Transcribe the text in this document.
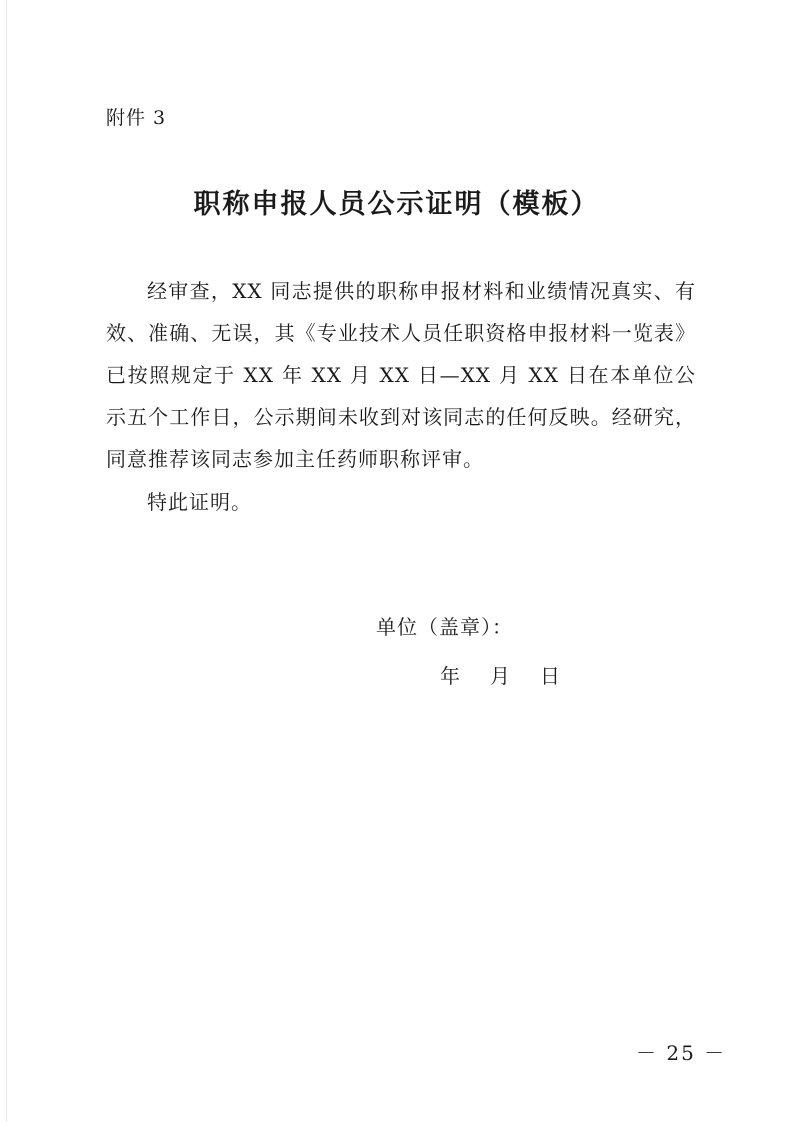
附件 3
职称申报人员公示证明（模板）

经审查，XX 同志提供的职称申报材料和业绩情况真实、有效、准确、无误，其《专业技术人员任职资格申报材料一览表》已按照规定于 XX 年 XX 月 XX 日—XX 月 XX 日在本单位公示五个工作日，公示期间未收到对该同志的任何反映。经研究，同意推荐该同志参加主任药师职称评审。

特此证明。
单位（盖章）：
年 月 日
－ 25 －
